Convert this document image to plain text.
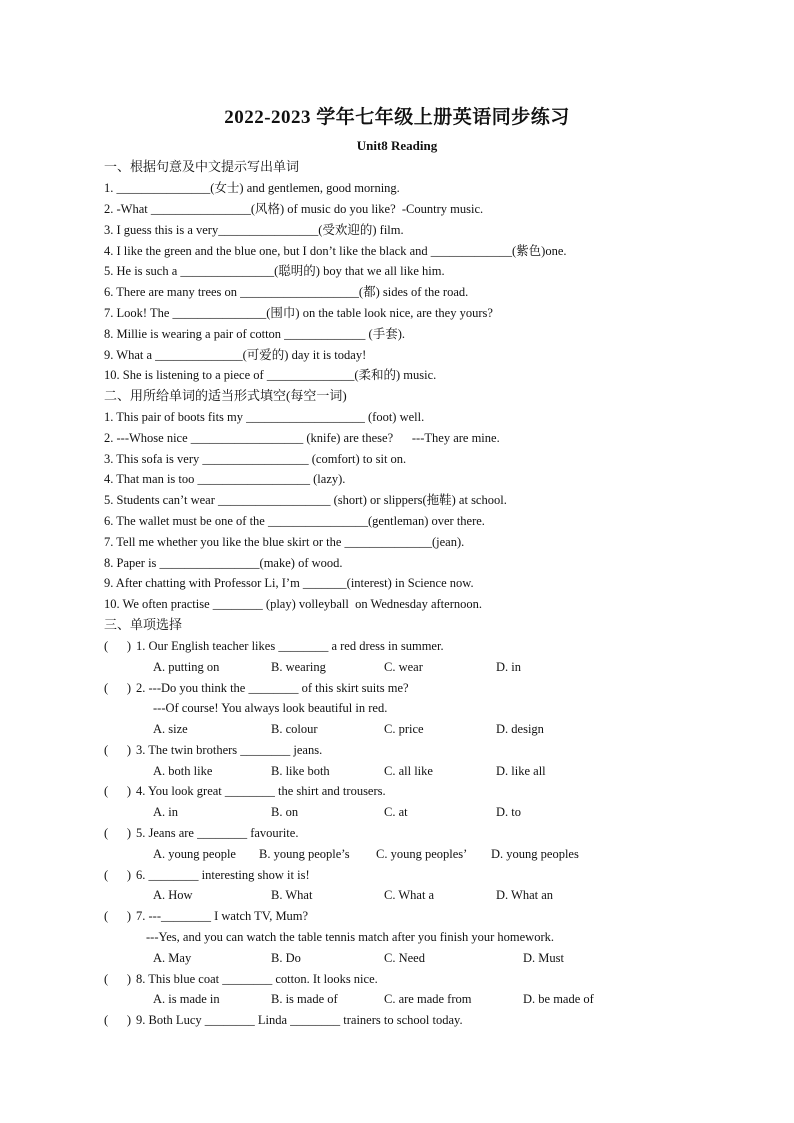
2022-2023 学年七年级上册英语同步练习
Unit8 Reading
一、根据句意及中文提示写出单词
1. _______________(女士) and gentlemen, good morning.
2. -What ________________(风格) of music do you like?  -Country music.
3. I guess this is a very________________(受欢迎的) film.
4. I like the green and the blue one, but I don’t like the black and _____________(紫色)one.
5. He is such a _______________(聪明的) boy that we all like him.
6. There are many trees on ___________________(都) sides of the road.
7. Look! The _______________(围巾) on the table look nice, are they yours?
8. Millie is wearing a pair of cotton _____________ (手套).
9. What a ______________(可爱的) day it is today!
10. She is listening to a piece of ______________(柔和的) music.
二、用所给单词的适当形式填空(每空一词)
1. This pair of boots fits my ___________________ (foot) well.
2. ---Whose nice __________________ (knife) are these?      ---They are mine.
3. This sofa is very _________________ (comfort) to sit on.
4. That man is too __________________ (lazy).
5. Students can’t wear __________________ (short) or slippers(拖鞋) at school.
6. The wallet must be one of the ________________(gentleman) over there.
7. Tell me whether you like the blue skirt or the ______________(jean).
8. Paper is ________________(make) of wood.
9. After chatting with Professor Li, I’m _______(interest) in Science now.
10. We often practise ________ (play) volleyball  on Wednesday afternoon.
三、单项选择
(      ) 1. Our English teacher likes ________ a red dress in summer.
A. putting on	B. wearing	C. wear	D. in
(      ) 2. ---Do you think the ________ of this skirt suits me?
---Of course! You always look beautiful in red.
A. size	B. colour	C. price	D. design
(      ) 3. The twin brothers ________ jeans.
A. both like	B. like both	C. all like	D. like all
(      ) 4. You look great ________ the shirt and trousers.
A. in	B. on	C. at	D. to
(      ) 5. Jeans are ________ favourite.
A. young people B. young people’s C. young peoples’ D. young peoples
(      ) 6. ________ interesting show it is!
A. How	B. What	C. What a	D. What an
(      ) 7. ---________ I watch TV, Mum?
---Yes, and you can watch the table tennis match after you finish your homework.
A. May	B. Do	C. Need	D. Must
(      ) 8. This blue coat ________ cotton. It looks nice.
A. is made in	B. is made of	C. are made from	D. be made of
(      ) 9. Both Lucy ________ Linda ________ trainers to school today.
